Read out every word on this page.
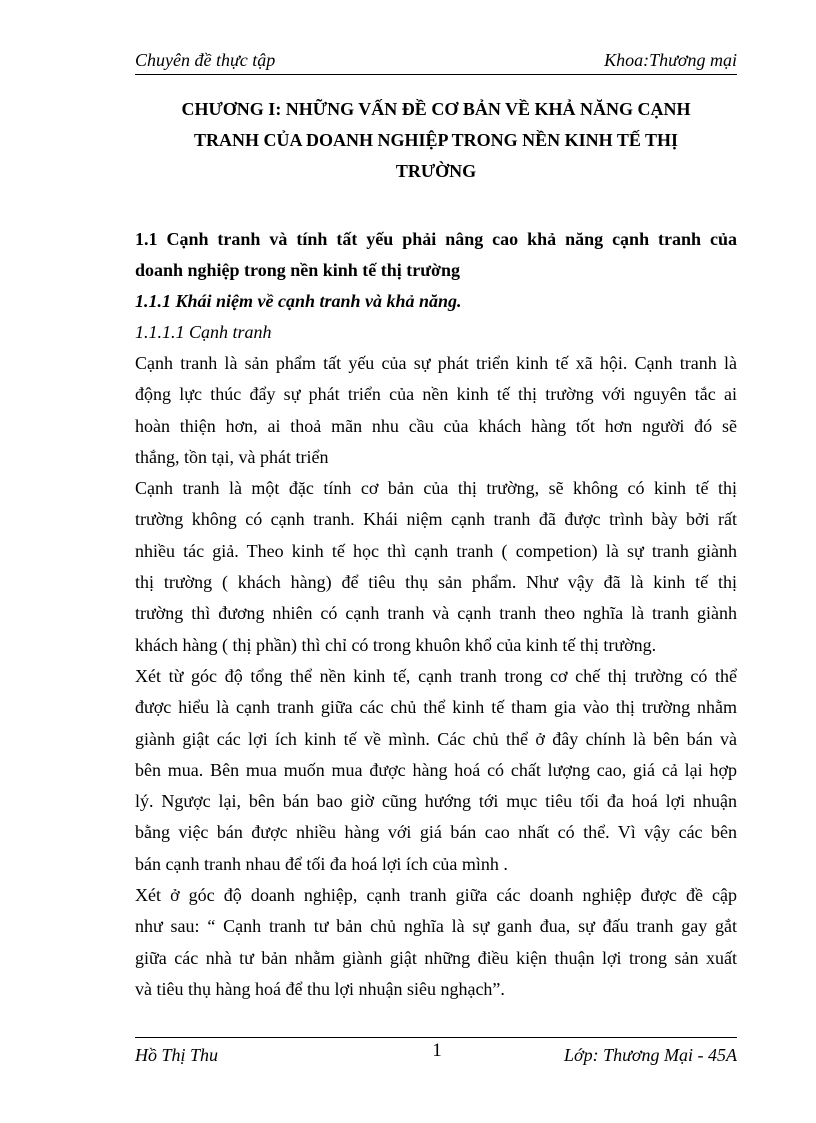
Chuyên đề thực tập	Khoa:Thương mại
CHƯƠNG I: NHỮNG VẤN ĐỀ CƠ BẢN VỀ KHẢ NĂNG CẠNH
TRANH CỦA DOANH NGHIỆP TRONG NỀN KINH TẾ THỊ
TRƯỜNG
1.1 Cạnh tranh và tính tất yếu phải nâng cao khả năng cạnh tranh của
doanh nghiệp trong nền kinh tế thị trường
1.1.1 Khái niệm về cạnh tranh và khả năng.
1.1.1.1 Cạnh tranh

Cạnh tranh là sản phẩm tất yếu của sự phát triển kinh tế xã hội. Cạnh tranh là
động lực thúc đẩy sự phát triển của nền kinh tế thị trường với nguyên tắc ai
hoàn thiện hơn, ai thoả mãn nhu cầu của khách hàng tốt hơn người đó sẽ
thắng, tồn tại, và phát triển

Cạnh tranh là một đặc tính cơ bản của thị trường, sẽ không có kinh tế thị
trường không có cạnh tranh. Khái niệm cạnh tranh đã được trình bày bởi rất
nhiều tác giả. Theo kinh tế học thì cạnh tranh ( competion) là sự tranh giành
thị trường ( khách hàng) để tiêu thụ sản phẩm. Như vậy đã là kinh tế thị
trường thì đương nhiên có cạnh tranh và cạnh tranh theo nghĩa là tranh giành
khách hàng ( thị phần) thì chỉ có trong khuôn khổ của kinh tế thị trường.

Xét từ góc độ tổng thể nền kinh tế, cạnh tranh trong cơ chế thị trường có thể
được hiểu là cạnh tranh giữa các chủ thể kinh tế tham gia vào thị trường nhằm
giành giật các lợi ích kinh tế về mình. Các chủ thể ở đây chính là bên bán và
bên mua. Bên mua muốn mua được hàng hoá có chất lượng cao, giá cả lại hợp
lý. Ngược lại, bên bán bao giờ cũng hướng tới mục tiêu tối đa hoá lợi nhuận
bằng việc bán được nhiều hàng với giá bán cao nhất có thể. Vì vậy các bên
bán cạnh tranh nhau để tối đa hoá lợi ích của mình .

Xét ở góc độ doanh nghiệp, cạnh tranh giữa các doanh nghiệp được đề cập
như sau: “ Cạnh tranh tư bản chủ nghĩa là sự ganh đua, sự đấu tranh gay gắt
giữa các nhà tư bản nhằm giành giật những điều kiện thuận lợi trong sản xuất
và tiêu thụ hàng hoá để thu lợi nhuận siêu nghạch”.

Hồ Thị Thu	1	Lớp: Thương Mại - 45A
